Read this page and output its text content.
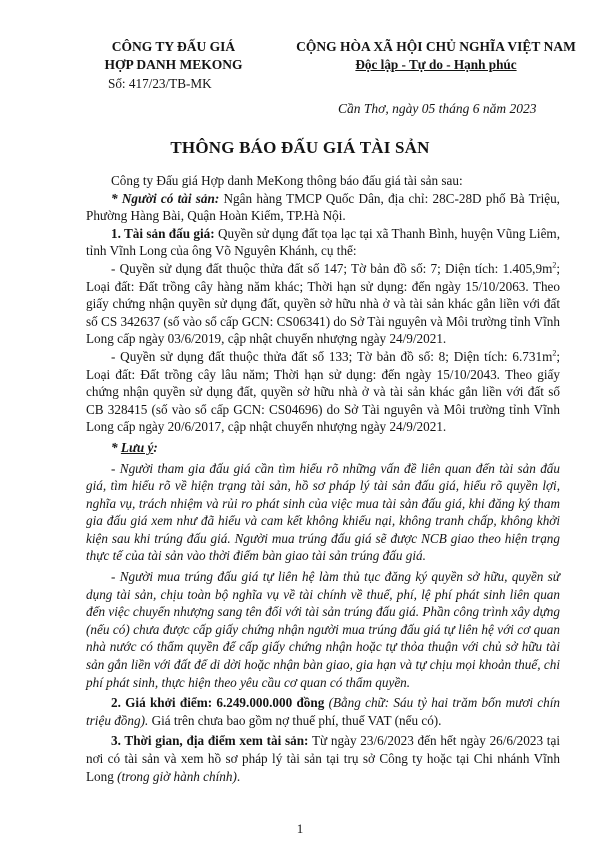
CÔNG TY ĐẤU GIÁ
HỢP DANH MEKONG
Số: 417/23/TB-MK
CỘNG HÒA XÃ HỘI CHỦ NGHĨA VIỆT NAM
Độc lập - Tự do - Hạnh phúc
Cần Thơ, ngày 05 tháng 6 năm 2023
THÔNG BÁO ĐẤU GIÁ TÀI SẢN

Công ty Đấu giá Hợp danh MeKong thông báo đấu giá tài sản sau:

* Người có tài sản: Ngân hàng TMCP Quốc Dân, địa chỉ: 28C-28D phố Bà Triệu, Phường Hàng Bài, Quận Hoàn Kiếm, TP.Hà Nội.

1. Tài sản đấu giá: Quyền sử dụng đất tọa lạc tại xã Thanh Bình, huyện Vũng Liêm, tỉnh Vĩnh Long của ông Võ Nguyên Khánh, cụ thể:

- Quyền sử dụng đất thuộc thửa đất số 147; Tờ bản đồ số: 7; Diện tích: $1.405,9m^2$; Loại đất: Đất trồng cây hàng năm khác; Thời hạn sử dụng: đến ngày 15/10/2063. Theo giấy chứng nhận quyền sử dụng đất, quyền sở hữu nhà ở và tài sản khác gắn liền với đất số CS 342637 (số vào sổ cấp GCN: CS06341) do Sở Tài nguyên và Môi trường tỉnh Vĩnh Long cấp ngày 03/6/2019, cập nhật chuyển nhượng ngày 24/9/2021.

- Quyền sử dụng đất thuộc thửa đất số 133; Tờ bản đồ số: 8; Diện tích: $6.731m^2$; Loại đất: Đất trồng cây lâu năm; Thời hạn sử dụng: đến ngày 15/10/2043. Theo giấy chứng nhận quyền sử dụng đất, quyền sở hữu nhà ở và tài sản khác gắn liền với đất số CB 328415 (số vào sổ cấp GCN: CS04696) do Sở Tài nguyên và Môi trường tỉnh Vĩnh Long cấp ngày 20/6/2017, cập nhật chuyển nhượng ngày 24/9/2021.

* Lưu ý:

- Người tham gia đấu giá cần tìm hiểu rõ những vấn đề liên quan đến tài sản đấu giá, tìm hiểu rõ về hiện trạng tài sản, hồ sơ pháp lý tài sản đấu giá, hiểu rõ quyền lợi, nghĩa vụ, trách nhiệm và rủi ro phát sinh của việc mua tài sản đấu giá, khi đăng ký tham gia đấu giá xem như đã hiểu và cam kết không khiếu nại, không tranh chấp, không khởi kiện sau khi trúng đấu giá. Người mua trúng đấu giá sẽ được NCB giao theo hiện trạng thực tế của tài sản vào thời điểm bàn giao tài sản trúng đấu giá.

- Người mua trúng đấu giá tự liên hệ làm thủ tục đăng ký quyền sở hữu, quyền sử dụng tài sản, chịu toàn bộ nghĩa vụ về tài chính về thuế, phí, lệ phí phát sinh liên quan đến việc chuyển nhượng sang tên đối với tài sản trúng đấu giá. Phần công trình xây dựng (nếu có) chưa được cấp giấy chứng nhận người mua trúng đấu giá tự liên hệ với cơ quan nhà nước có thẩm quyền để cấp giấy chứng nhận hoặc tự thỏa thuận với chủ sở hữu tài sản gắn liền với đất để di dời hoặc nhận bàn giao, gia hạn và tự chịu mọi khoản thuế, chi phí phát sinh, thực hiện theo yêu cầu cơ quan có thẩm quyền.

2. Giá khởi điểm: 6.249.000.000 đồng (Bằng chữ: Sáu tỷ hai trăm bốn mươi chín triệu đồng). Giá trên chưa bao gồm nợ thuế phí, thuế VAT (nếu có).

3. Thời gian, địa điểm xem tài sản: Từ ngày 23/6/2023 đến hết ngày 26/6/2023 tại nơi có tài sản và xem hồ sơ pháp lý tài sản tại trụ sở Công ty hoặc tại Chi nhánh Vĩnh Long (trong giờ hành chính).

1
